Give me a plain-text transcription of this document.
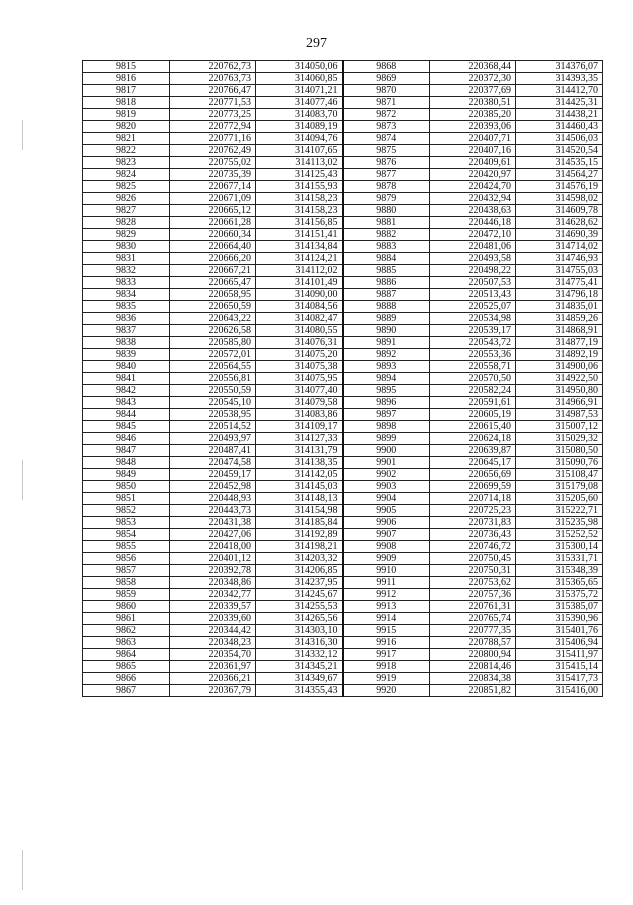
297
9815	220762,73	314050,06	9868	220368,44	314376,07
9816	220763,73	314060,85	9869	220372,30	314393,35
9817	220766,47	314071,21	9870	220377,69	314412,70
9818	220771,53	314077,46	9871	220380,51	314425,31
9819	220773,25	314083,70	9872	220385,20	314438,21
9820	220772,94	314089,19	9873	220393,06	314460,43
9821	220771,16	314094,76	9874	220407,71	314506,03
9822	220762,49	314107,65	9875	220407,16	314520,54
9823	220755,02	314113,02	9876	220409,61	314535,15
9824	220735,39	314125,43	9877	220420,97	314564,27
9825	220677,14	314155,93	9878	220424,70	314576,19
9826	220671,09	314158,23	9879	220432,94	314598,02
9827	220665,12	314158,23	9880	220438,63	314609,78
9828	220661,28	314156,85	9881	220446,18	314628,62
9829	220660,34	314151,41	9882	220472,10	314690,39
9830	220664,40	314134,84	9883	220481,06	314714,02
9831	220666,20	314124,21	9884	220493,58	314746,93
9832	220667,21	314112,02	9885	220498,22	314755,03
9833	220665,47	314101,49	9886	220507,53	314775,41
9834	220658,95	314090,00	9887	220513,43	314796,18
9835	220650,59	314084,56	9888	220525,07	314835,01
9836	220643,22	314082,47	9889	220534,98	314859,26
9837	220626,58	314080,55	9890	220539,17	314868,91
9838	220585,80	314076,31	9891	220543,72	314877,19
9839	220572,01	314075,20	9892	220553,36	314892,19
9840	220564,55	314075,38	9893	220558,71	314900,06
9841	220556,81	314075,95	9894	220570,50	314922,50
9842	220550,59	314077,40	9895	220582,24	314950,80
9843	220545,10	314079,58	9896	220591,61	314966,91
9844	220538,95	314083,86	9897	220605,19	314987,53
9845	220514,52	314109,17	9898	220615,40	315007,12
9846	220493,97	314127,33	9899	220624,18	315029,32
9847	220487,41	314131,79	9900	220639,87	315080,50
9848	220474,58	314138,35	9901	220645,17	315090,76
9849	220459,17	314142,05	9902	220656,69	315108,47
9850	220452,98	314145,03	9903	220699,59	315179,08
9851	220448,93	314148,13	9904	220714,18	315205,60
9852	220443,73	314154,98	9905	220725,23	315222,71
9853	220431,38	314185,84	9906	220731,83	315235,98
9854	220427,06	314192,89	9907	220736,43	315252,52
9855	220418,00	314198,21	9908	220746,72	315300,14
9856	220401,12	314203,32	9909	220750,45	315331,71
9857	220392,78	314206,85	9910	220750,31	315348,39
9858	220348,86	314237,95	9911	220753,62	315365,65
9859	220342,77	314245,67	9912	220757,36	315375,72
9860	220339,57	314255,53	9913	220761,31	315385,07
9861	220339,60	314265,56	9914	220765,74	315390,96
9862	220344,42	314303,10	9915	220777,35	315401,76
9863	220348,23	314316,30	9916	220788,57	315406,94
9864	220354,70	314332,12	9917	220800,94	315411,97
9865	220361,97	314345,21	9918	220814,46	315415,14
9866	220366,21	314349,67	9919	220834,38	315417,73
9867	220367,79	314355,43	9920	220851,82	315416,00
